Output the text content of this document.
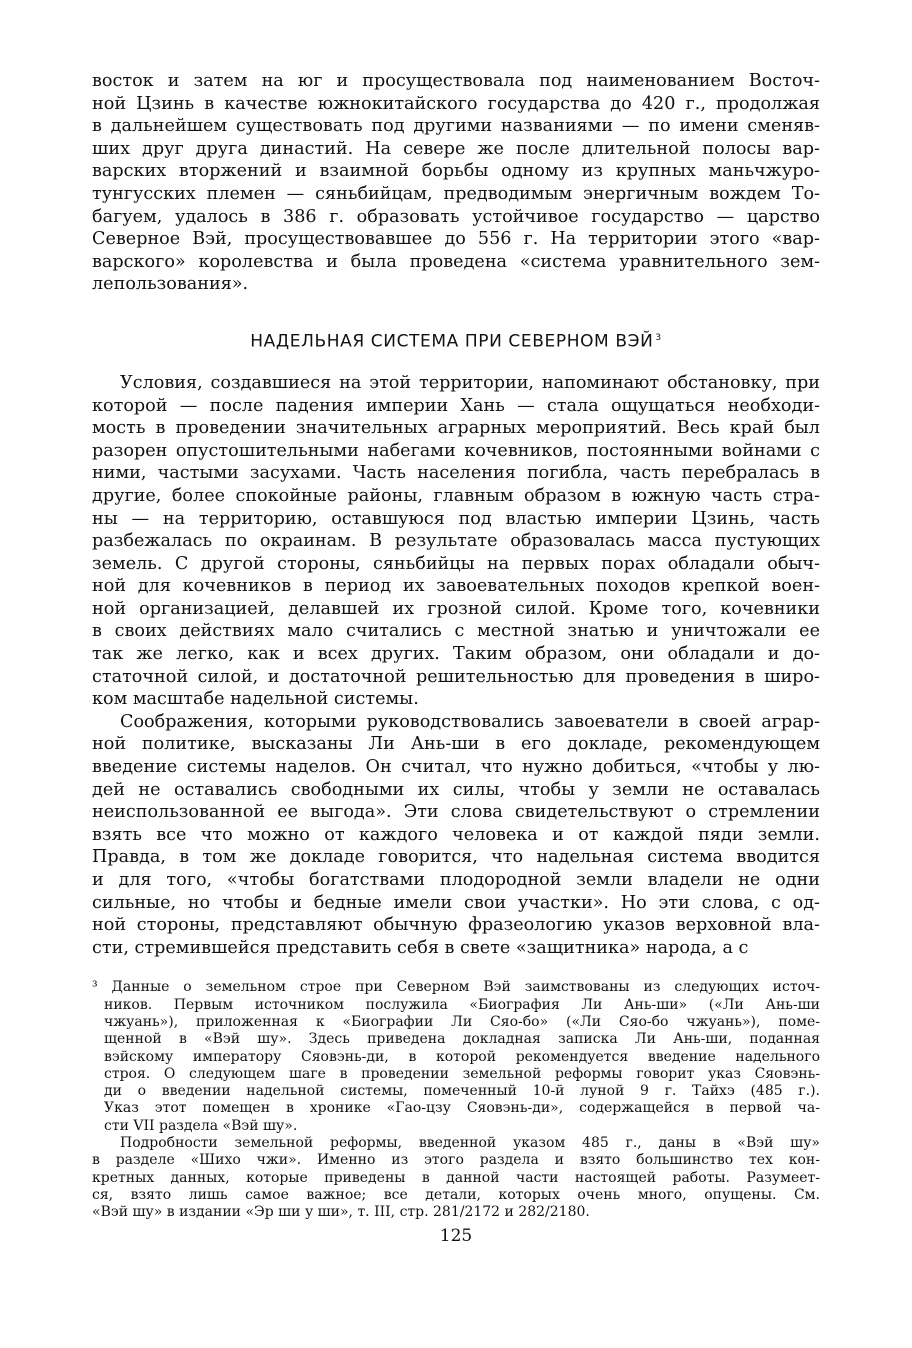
восток и затем на юг и просуществовала под наименованием Восточ-
ной Цзинь в качестве южнокитайского государства до 420 г., продолжая
в дальнейшем существовать под другими названиями — по имени сменяв-
ших друг друга династий. На севере же после длительной полосы вар-
варских вторжений и взаимной борьбы одному из крупных маньчжуро-
тунгусских племен — сяньбийцам, предводимым энергичным вождем То-
багуем, удалось в 386 г. образовать устойчивое государство — царство
Северное Вэй, просуществовавшее до 556 г. На территории этого «вар-
варского» королевства и была проведена «система уравнительного зем-
лепользования».
НАДЕЛЬНАЯ СИСТЕМА ПРИ СЕВЕРНОМ ВЭЙ $^3$
Условия, создавшиеся на этой территории, напоминают обстановку, при
которой — после падения империи Хань — стала ощущаться необходи-
мость в проведении значительных аграрных мероприятий. Весь край был
разорен опустошительными набегами кочевников, постоянными войнами с
ними, частыми засухами. Часть населения погибла, часть перебралась в
другие, более спокойные районы, главным образом в южную часть стра-
ны — на территорию, оставшуюся под властью империи Цзинь, часть
разбежалась по окраинам. В результате образовалась масса пустующих
земель. С другой стороны, сяньбийцы на первых порах обладали обыч-
ной для кочевников в период их завоевательных походов крепкой воен-
ной организацией, делавшей их грозной силой. Кроме того, кочевники
в своих действиях мало считались с местной знатью и уничтожали ее
так же легко, как и всех других. Таким образом, они обладали и до-
статочной силой, и достаточной решительностью для проведения в широ-
ком масштабе надельной системы.
Соображения, которыми руководствовались завоеватели в своей аграр-
ной политике, высказаны Ли Ань-ши в его докладе, рекомендующем
введение системы наделов. Он считал, что нужно добиться, «чтобы у лю-
дей не оставались свободными их силы, чтобы у земли не оставалась
неиспользованной ее выгода». Эти слова свидетельствуют о стремлении
взять все что можно от каждого человека и от каждой пяди земли.
Правда, в том же докладе говорится, что надельная система вводится
и для того, «чтобы богатствами плодородной земли владели не одни
сильные, но чтобы и бедные имели свои участки». Но эти слова, с од-
ной стороны, представляют обычную фразеологию указов верховной вла-
сти, стремившейся представить себя в свете «защитника» народа, а с
³ Данные о земельном строе при Северном Вэй заимствованы из следующих источ-
ников. Первым источником послужила «Биография Ли Ань-ши» («Ли Ань-ши
чжуань»), приложенная к «Биографии Ли Сяо-бо» («Ли Сяо-бо чжуань»), поме-
щенной в «Вэй шу». Здесь приведена докладная записка Ли Ань-ши, поданная
вэйскому императору Сяовэнь-ди, в которой рекомендуется введение надельного
строя. О следующем шаге в проведении земельной реформы говорит указ Сяовэнь-
ди о введении надельной системы, помеченный 10-й луной 9 г. Тайхэ (485 г.).
Указ этот помещен в хронике «Гао-цзу Сяовэнь-ди», содержащейся в первой ча-
сти VII раздела «Вэй шу».
Подробности земельной реформы, введенной указом 485 г., даны в «Вэй шу»
в разделе «Шихо чжи». Именно из этого раздела и взято большинство тех кон-
кретных данных, которые приведены в данной части настоящей работы. Разумеет-
ся, взято лишь самое важное; все детали, которых очень много, опущены. См.
«Вэй шу» в издании «Эр ши у ши», т. III, стр. 281/2172 и 282/2180.
125
